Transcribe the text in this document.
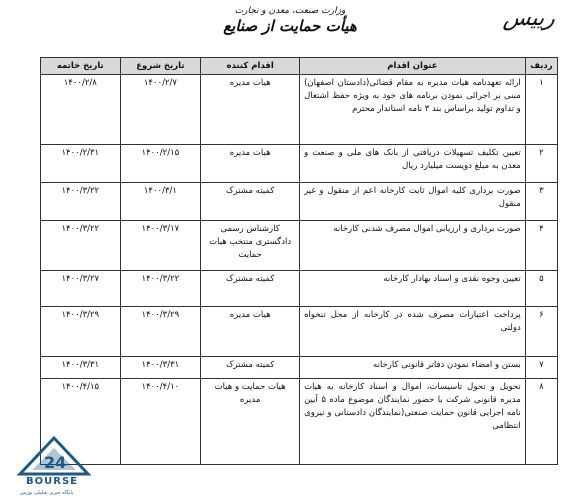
رییس
وزارت صنعت، معدن و تجارت
هیأت حمایت از صنایع
ردیف	عنوان اقدام	اقدام کننده	تاریخ شروع	تاریخ خاتمه
۱	ارائه تعهدنامه هیات مدیره به مقام قضائی(دادستان اصفهان) مبنی بر اجرائی نمودن برنامه های خود به ویژه حفظ اشتغال و تداوم تولید براساس بند ۳ نامه استاندار محترم	هیات مدیره	۱۴۰۰/۲/۷	۱۴۰۰/۲/۸
۲	تعیین تکلیف تسهیلات دریافتی از بانک های ملی و صنعت و معدن به مبلغ دویست میلیارد ریال	هیات مدیره	۱۴۰۰/۲/۱۵	۱۴۰۰/۲/۳۱
۳	صورت برداری کلیه اموال ثابت کارخانه اعم از منقول و غیر منقول	کمیته مشترک	۱۴۰۰/۳/۱	۱۴۰۰/۳/۲۲
۴	صورت برداری و ارزیابی اموال مصرف شدنی کارخانه	کارشناس رسمی دادگستری منتخب هیات حمایت	۱۴۰۰/۳/۱۷	۱۴۰۰/۳/۲۲
۵	تعیین وجوه نقدی و اسناد بهادار کارخانه	کمیته مشترک	۱۴۰۰/۳/۲۲	۱۴۰۰/۳/۲۷
۶	پرداخت اعتبارات مصرف شده در کارخانه از محل تنخواه دولتی	هیات مدیره	۱۴۰۰/۳/۲۹	۱۴۰۰/۳/۲۹
۷	بستن و امضاء نمودن دفاتر قانونی کارخانه	کمیته مشترک	۱۴۰۰/۳/۳۱	۱۴۰۰/۳/۳۱
۸	تحویل و تحول تاسیسات، اموال و اسناد کارخانه به هیات مدیره قانونی شرکت با حضور نمایندگان موضوع ماده ۵ آیین نامه اجرایی قانون حمایت صنعتی(نمایندگان دادستانی و نیروی انتظامی	هیات حمایت و هیات مدیره	۱۴۰۰/۴/۱۰	۱۴۰۰/۴/۱۵
24
BOURSE
پایگاه خبری تحلیلی بورس
